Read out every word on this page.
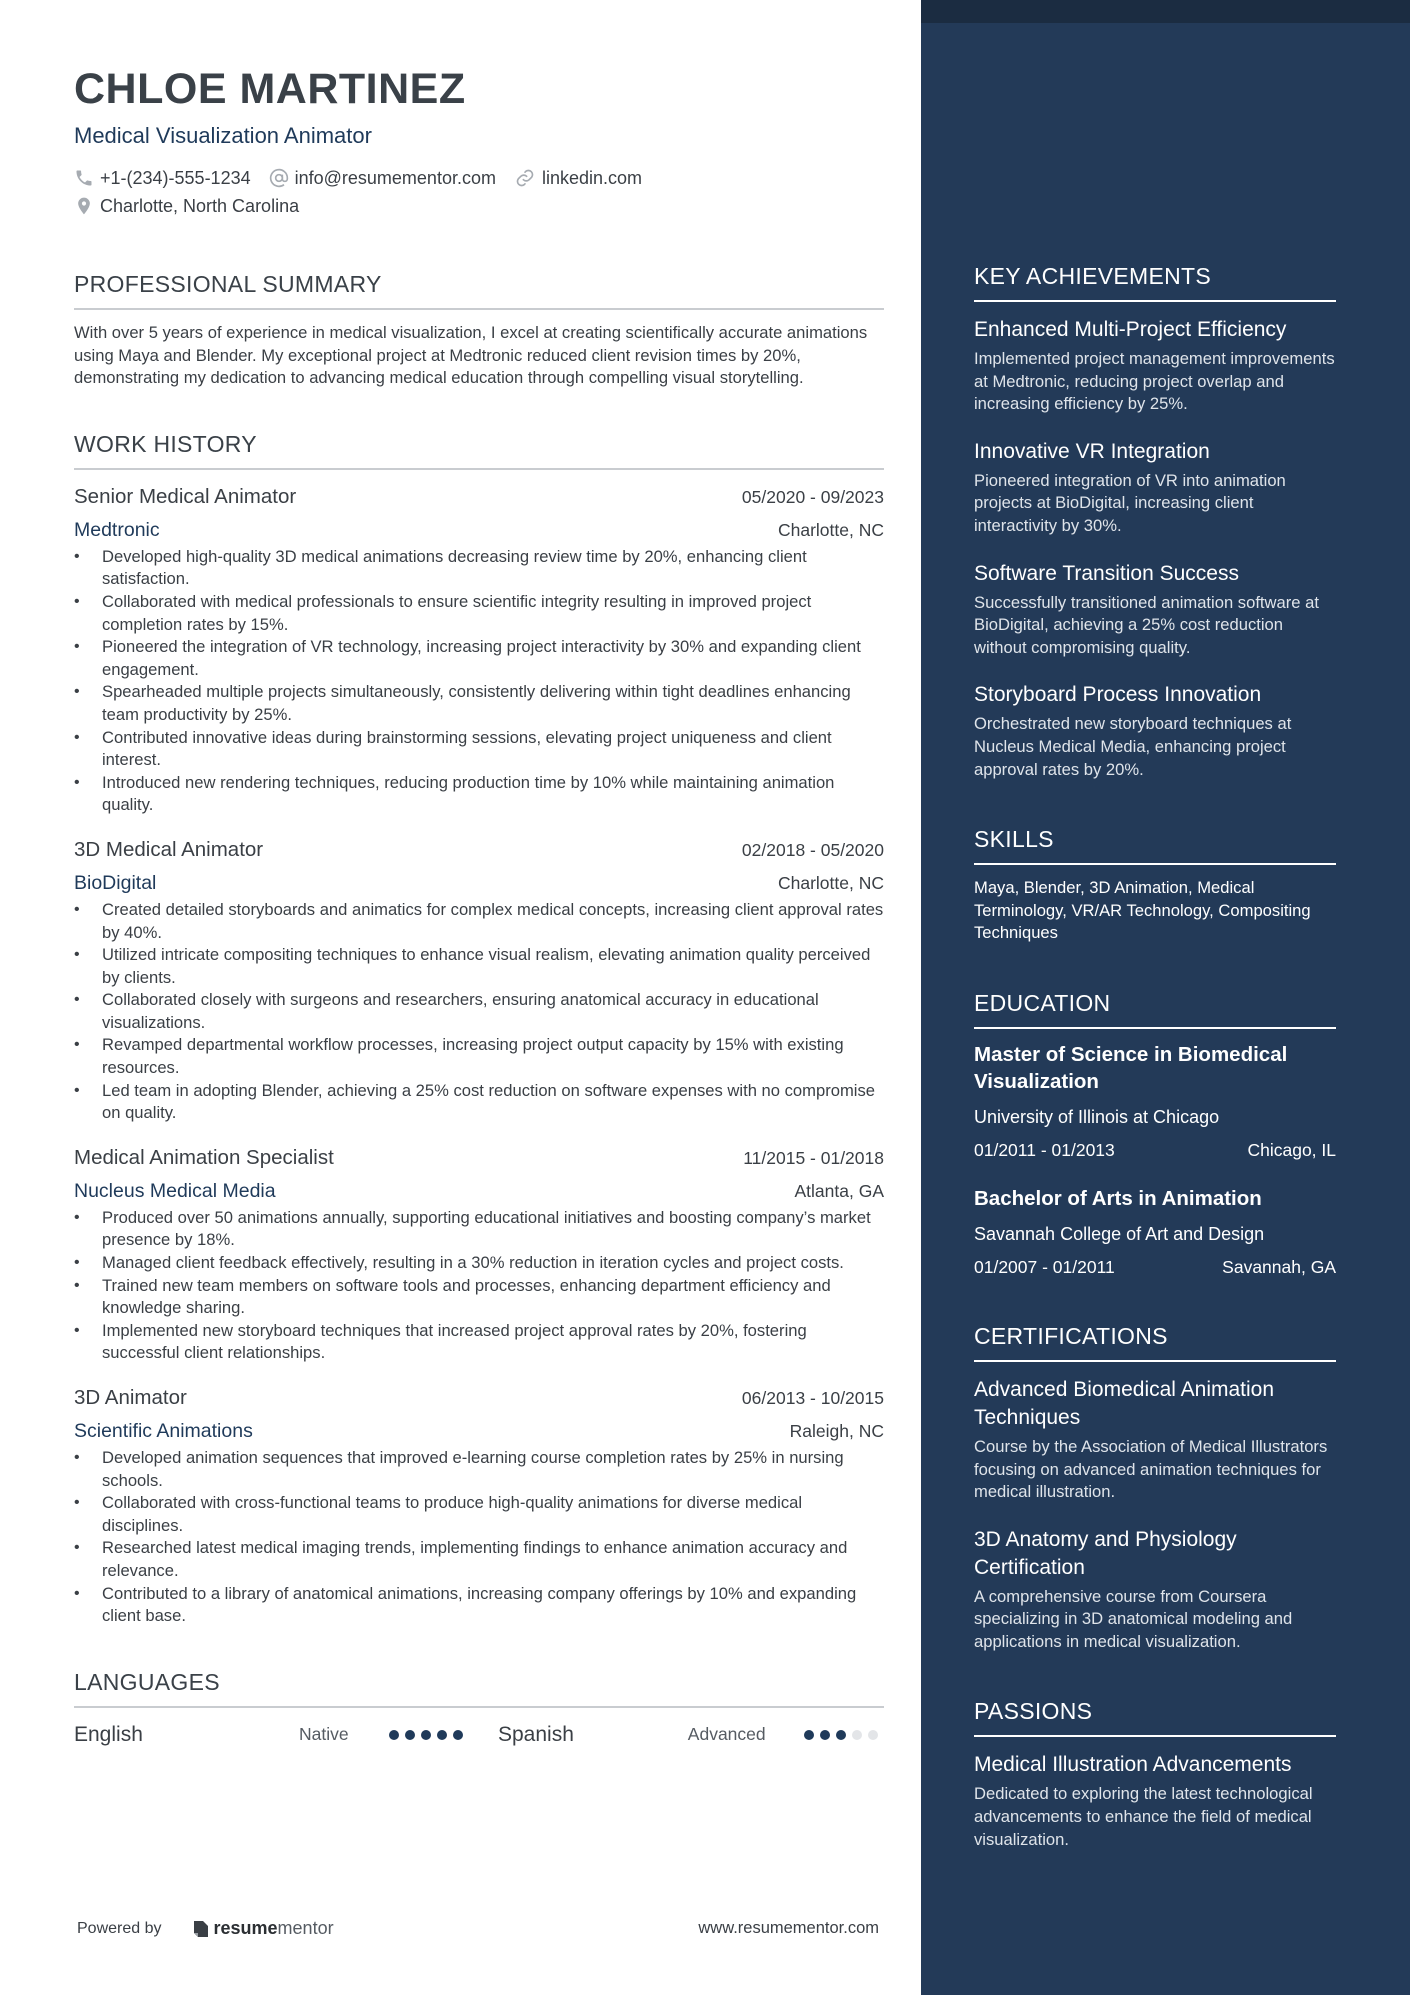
CHLOE MARTINEZ
Medical Visualization Animator
+1-(234)-555-1234 info@resumementor.com	linkedin.com
Charlotte, North Carolina
PROFESSIONAL SUMMARY
With over 5 years of experience in medical visualization, I excel at creating scientifically accurate animations using Maya and Blender. My exceptional project at Medtronic reduced client revision times by 20%, demonstrating my dedication to advancing medical education through compelling visual storytelling.
WORK HISTORY
Senior Medical Animator	05/2020 - 09/2023
Medtronic	Charlotte, NC
• Developed high-quality 3D medical animations decreasing review time by 20%, enhancing client satisfaction.
• Collaborated with medical professionals to ensure scientific integrity resulting in improved project completion rates by 15%.
• Pioneered the integration of VR technology, increasing project interactivity by 30% and expanding client engagement.
• Spearheaded multiple projects simultaneously, consistently delivering within tight deadlines enhancing team productivity by 25%.
• Contributed innovative ideas during brainstorming sessions, elevating project uniqueness and client interest.
• Introduced new rendering techniques, reducing production time by 10% while maintaining animation quality.
3D Medical Animator	02/2018 - 05/2020
BioDigital	Charlotte, NC
• Created detailed storyboards and animatics for complex medical concepts, increasing client approval rates by 40%.
• Utilized intricate compositing techniques to enhance visual realism, elevating animation quality perceived by clients.
• Collaborated closely with surgeons and researchers, ensuring anatomical accuracy in educational visualizations.
• Revamped departmental workflow processes, increasing project output capacity by 15% with existing resources.
• Led team in adopting Blender, achieving a 25% cost reduction on software expenses with no compromise on quality.
Medical Animation Specialist	11/2015 - 01/2018
Nucleus Medical Media	Atlanta, GA
• Produced over 50 animations annually, supporting educational initiatives and boosting company’s market presence by 18%.
• Managed client feedback effectively, resulting in a 30% reduction in iteration cycles and project costs.
• Trained new team members on software tools and processes, enhancing department efficiency and knowledge sharing.
• Implemented new storyboard techniques that increased project approval rates by 20%, fostering successful client relationships.
3D Animator	06/2013 - 10/2015
Scientific Animations	Raleigh, NC
• Developed animation sequences that improved e-learning course completion rates by 25% in nursing schools.
• Collaborated with cross-functional teams to produce high-quality animations for diverse medical disciplines.
• Researched latest medical imaging trends, implementing findings to enhance animation accuracy and relevance.
• Contributed to a library of anatomical animations, increasing company offerings by 10% and expanding client base.
LANGUAGES
English	Native	Spanish	Advanced
Powered by	resume mentor	www.resumementor.com
KEY ACHIEVEMENTS
Enhanced Multi-Project Efficiency
Implemented project management improvements at Medtronic, reducing project overlap and increasing efficiency by 25%.
Innovative VR Integration
Pioneered integration of VR into animation projects at BioDigital, increasing client interactivity by 30%.
Software Transition Success
Successfully transitioned animation software at BioDigital, achieving a 25% cost reduction without compromising quality.
Storyboard Process Innovation
Orchestrated new storyboard techniques at Nucleus Medical Media, enhancing project approval rates by 20%.
SKILLS
Maya, Blender, 3D Animation, Medical Terminology, VR/AR Technology, Compositing Techniques
EDUCATION
Master of Science in Biomedical Visualization
University of Illinois at Chicago
01/2011 - 01/2013	Chicago, IL
Bachelor of Arts in Animation
Savannah College of Art and Design
01/2007 - 01/2011	Savannah, GA
CERTIFICATIONS
Advanced Biomedical Animation Techniques
Course by the Association of Medical Illustrators focusing on advanced animation techniques for medical illustration.
3D Anatomy and Physiology Certification
A comprehensive course from Coursera specializing in 3D anatomical modeling and applications in medical visualization.
PASSIONS
Medical Illustration Advancements
Dedicated to exploring the latest technological advancements to enhance the field of medical visualization.
